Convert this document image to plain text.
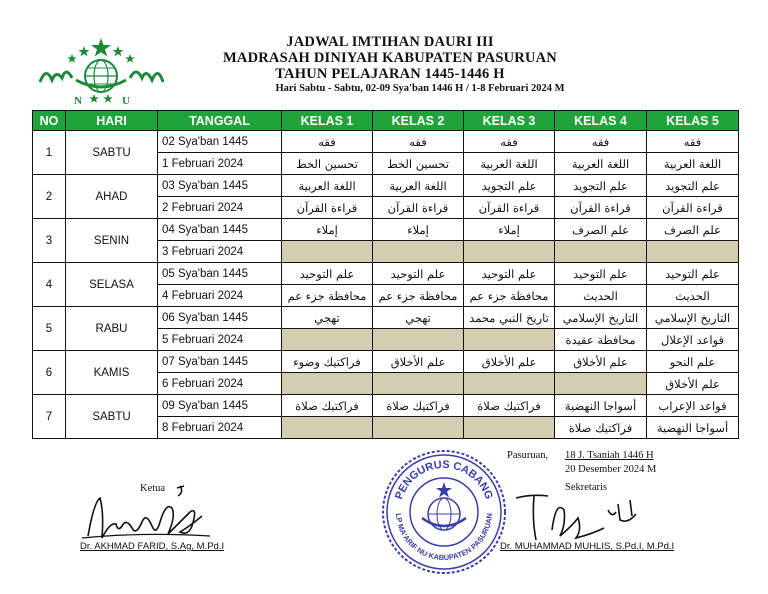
N	U
JADWAL IMTIHAN DAURI III
MADRASAH DINIYAH KABUPATEN PASURUAN
TAHUN PELAJARAN 1445-1446 H
Hari Sabtu - Sabtu, 02-09 Sya'ban 1446 H / 1-8 Februari 2024 M
NO	HARI	TANGGAL	KELAS 1	KELAS 2	KELAS 3	KELAS 4	KELAS 5
1	SABTU	02 Sya'ban 1445	فقه	فقه	فقه	فقه	فقه
		1 Februari 2024	تحسين الخط	تحسين الخط	اللغة العربية	اللغة العربية	اللغة العربية
2	AHAD	03 Sya'ban 1445	اللغة العربية	اللغة العربية	علم التجويد	علم التجويد	علم التجويد
		2 Februari 2024	قراءة القرآن	قراءة القرآن	قراءة القرآن	قراءة القرآن	قراءة القرآن
3	SENIN	04 Sya'ban 1445	إملاء	إملاء	إملاء	علم الصرف	علم الصرف
		3 Februari 2024					
4	SELASA	05 Sya'ban 1445	علم التوحيد	علم التوحيد	علم التوحيد	علم التوحيد	علم التوحيد
		4 Februari 2024	محافظة جزء عم	محافظة جزء عم	محافظة جزء عم	الحديث	الحديث
5	RABU	06 Sya'ban 1445	تهجي	تهجي	تاريخ النبي محمد	التاريخ الإسلامي	التاريخ الإسلامي
		5 Februari 2024				محافظة عقيدة	قواعد الإعلال
6	KAMIS	07 Sya'ban 1445	فراكتيك وضوء	علم الأخلاق	علم الأخلاق	علم الأخلاق	علم النحو
		6 Februari 2024					علم الأخلاق
7	SABTU	09 Sya'ban 1445	فراكتيك صلاة	فراكتيك صلاة	فراكتيك صلاة	أسواجا النهضية	قواعد الإعراب
		8 Februari 2024				فراكتيك صلاة	أسواجا النهضية
Ketua
Dr. AKHMAD FARID, S.Ag, M.Pd.I
PENGURUS CABANG
LP MA'ARIF NU KABUPATEN PASURUAN
Pasuruan, 18 J. Tsaniah 1446 H
20 Desember 2024 M
Sekretaris
Dr. MUHAMMAD MUHLIS, S.Pd.I, M.Pd.I
